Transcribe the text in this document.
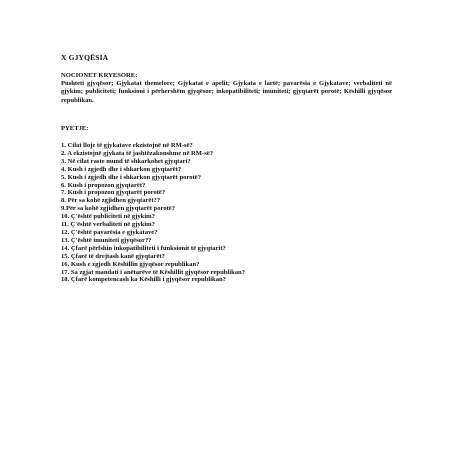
X GJYQËSIA
NOCIONET KRYESORE:

Pushteti gjyqësor; Gjykatat themelore; Gjykatat e apelit; Gjykata e lartë; pavarësia e Gjykatave; verbaliteti në gjykim; publiciteti; funksioni i përhershëm gjyqësor; inkopatibiliteti; imuniteti; gjyqtarët porotë; Këshilli gjyqësor republikan.

PYETJE:
1. Cilat lloje të gjykatave ekzistojnë në RM-së?
2. A ekzistojnë gjykata të jashtëzakonshme në RM-së?
3. Në cilat raste mund të shkarkohet gjyqtari?
4. Kush i zgjedh dhe i shkarkon gjyqtarët?
5. Kush i zgjedh dhe i shkarkon gjyqtarët porotë?
6. Kush i propozon gjyqtarët?
7. Kush i propozon gjyqtarët porotë?
8. Për sa kohë zgjidhen gjyqtarët??
9.Për sa kohë zgjidhen gjyqtarët porotë?
10. Ç'është publiciteti në gjykim?
11. Ç'është verbaliteti në gjykim?
12. Ç'është pavarësia e gjykatave?
13. Ç'është imuniteti gjyqësor??
14. Çfarë përfshin inkopatibiliteti i funksionit të gjyqtarit?
15. Çfarë të drejtash kanë gjyqtarët?
16. Kush e zgjedh Këshillin gjyqësor republikan?
17. Sa zgjat mandati i anëtarëve të Këshillit gjyqësor republikan?
18. Çfarë kompetencash ka Këshilli i gjyqësor republikan?
